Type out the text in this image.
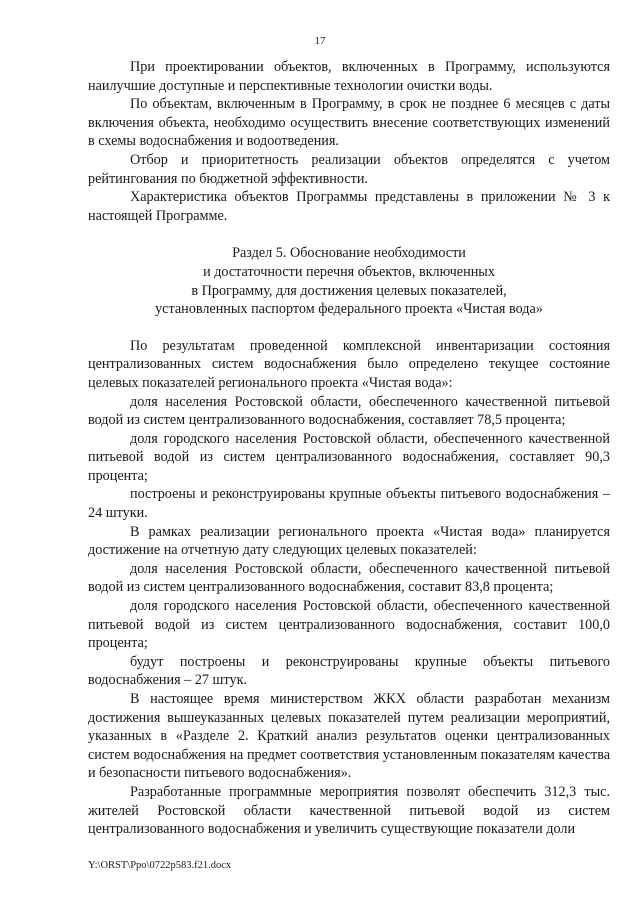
17

При проектировании объектов, включенных в Программу, используются наилучшие доступные и перспективные технологии очистки воды.

По объектам, включенным в Программу, в срок не позднее 6 месяцев с даты включения объекта, необходимо осуществить внесение соответствующих изменений в схемы водоснабжения и водоотведения.

Отбор и приоритетность реализации объектов определятся с учетом рейтингования по бюджетной эффективности.

Характеристика объектов Программы представлены в приложении № 3 к настоящей Программе.

Раздел 5. Обоснование необходимости
и достаточности перечня объектов, включенных
в Программу, для достижения целевых показателей,
установленных паспортом федерального проекта «Чистая вода»

По результатам проведенной комплексной инвентаризации состояния централизованных систем водоснабжения было определено текущее состояние целевых показателей регионального проекта «Чистая вода»:

доля населения Ростовской области, обеспеченного качественной питьевой водой из систем централизованного водоснабжения, составляет 78,5 процента;

доля городского населения Ростовской области, обеспеченного качественной питьевой водой из систем централизованного водоснабжения, составляет 90,3 процента;

построены и реконструированы крупные объекты питьевого водоснабжения – 24 штуки.

В рамках реализации регионального проекта «Чистая вода» планируется достижение на отчетную дату следующих целевых показателей:

доля населения Ростовской области, обеспеченного качественной питьевой водой из систем централизованного водоснабжения, составит 83,8 процента;

доля городского населения Ростовской области, обеспеченного качественной питьевой водой из систем централизованного водоснабжения, составит 100,0 процента;

будут построены и реконструированы крупные объекты питьевого водоснабжения – 27 штук.

В настоящее время министерством ЖКХ области разработан механизм достижения вышеуказанных целевых показателей путем реализации мероприятий, указанных в «Разделе 2. Краткий анализ результатов оценки централизованных систем водоснабжения на предмет соответствия установленным показателям качества и безопасности питьевого водоснабжения».

Разработанные программные мероприятия позволят обеспечить 312,3 тыс. жителей Ростовской области качественной питьевой водой из систем централизованного водоснабжения и увеличить существующие показатели доли

Y:\ORST\Ppo\0722p583.f21.docx
